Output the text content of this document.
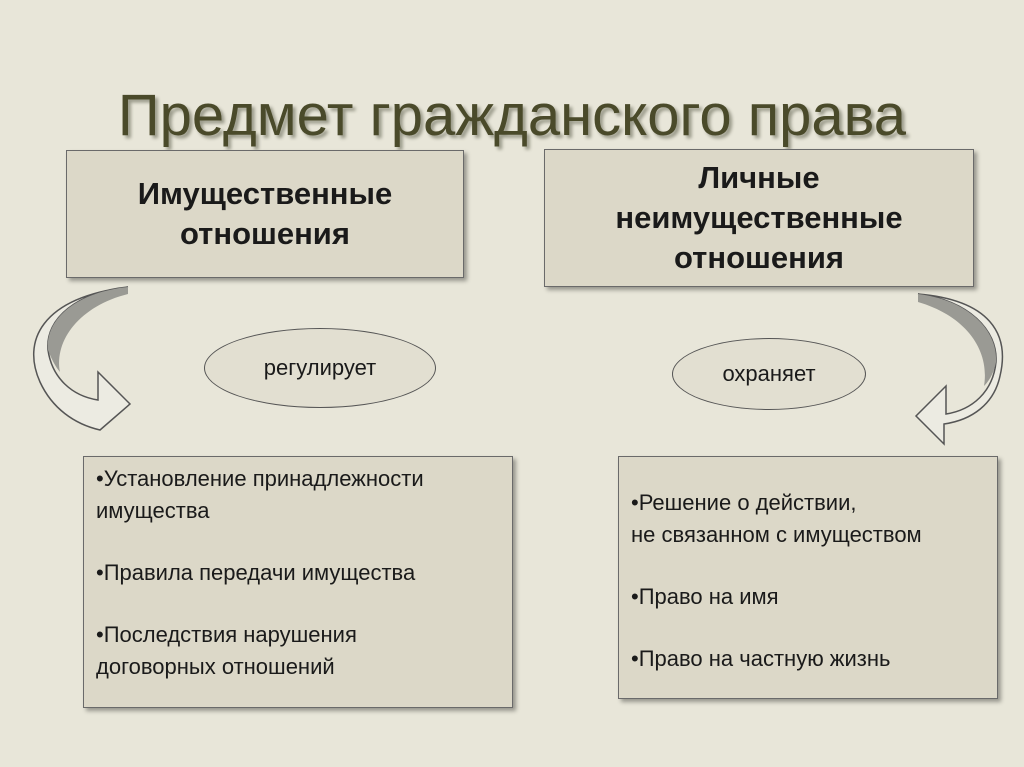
Предмет гражданского права
Имущественные
отношения
Личные
неимущественные
отношения
регулирует	охраняет

•Установление принадлежности

имущества

•Правила передачи имущества

•Последствия нарушения

договорных отношений

•Решение о действии,

не связанном с имуществом

•Право на имя

•Право на частную жизнь
